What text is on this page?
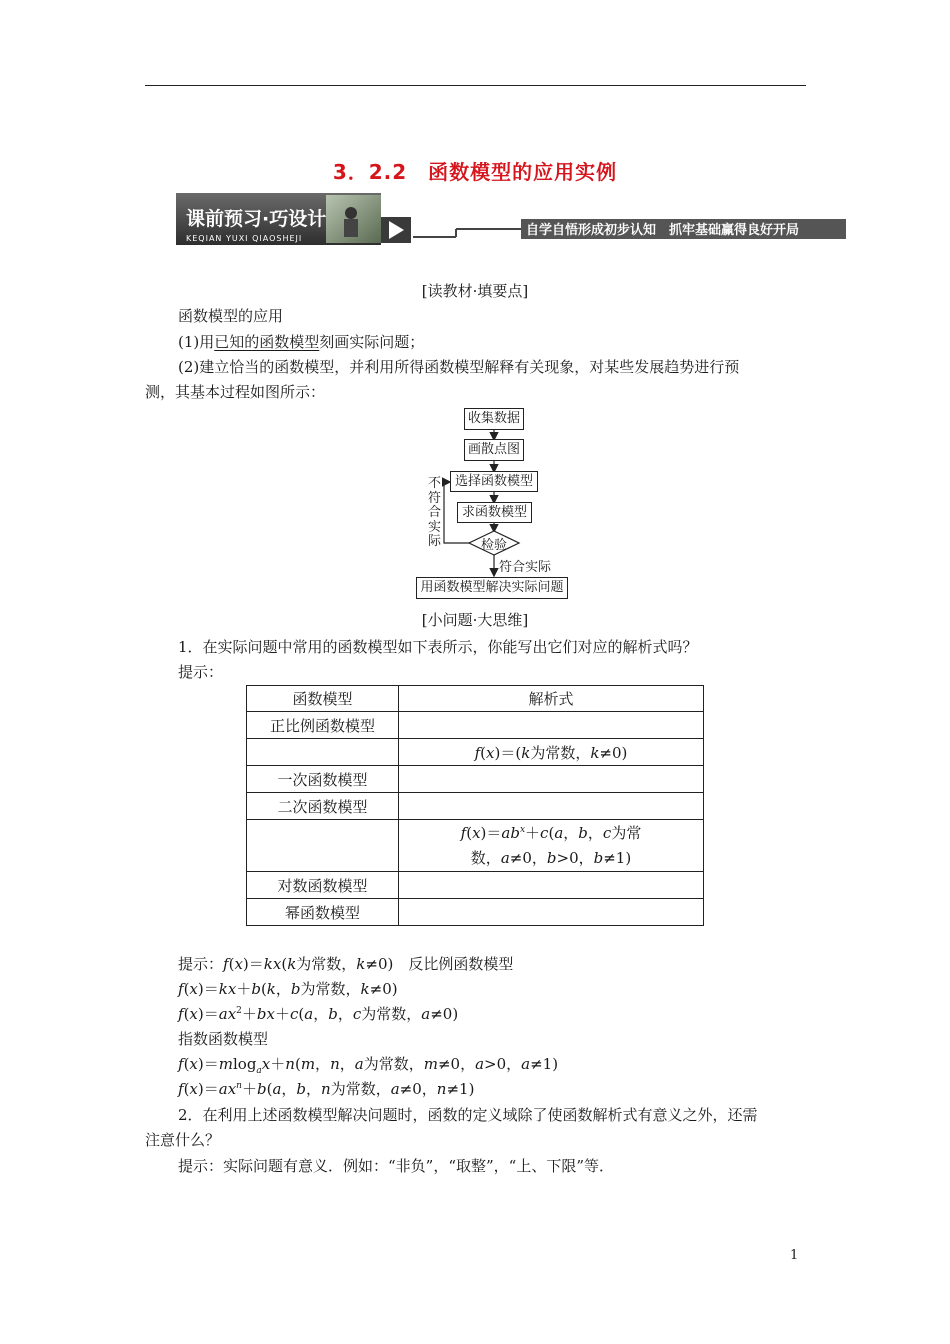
3．2.2　函数模型的应用实例
课前预习·巧设计
KEQIAN YUXI QIAOSHEJI
自学自悟形成初步认知　抓牢基础赢得良好开局
[读教材·填要点]
函数模型的应用
(1)用已知的函数模型刻画实际问题；
(2)建立恰当的函数模型，并利用所得函数模型解释有关现象，对某些发展趋势进行预
测，其基本过程如图所示：
收集数据
画散点图
选择函数模型
求函数模型
检验
符合实际
不符合实际
用函数模型解决实际问题
[小问题·大思维]
1．在实际问题中常用的函数模型如下表所示，你能写出它们对应的解析式吗？
提示：
函数模型	解析式
正比例函数模型	
	f(x)＝(k为常数，k≠0)
一次函数模型	
二次函数模型	
	$f(x)=ab^x+c(a$，b，c为常
数，a≠0，b>0，b≠1)
对数函数模型	
幂函数模型	
提示：f(x)＝kx(k为常数，k≠0)　反比例函数模型
f(x)＝kx＋b(k，b为常数，k≠0)
$f(x)=ax^2+bx+c(a$，b，c为常数，a≠0)
指数函数模型
f(x)＝mlog$_a$x＋n(m，n，a为常数，m≠0，a>0，a≠1)
$f(x)=ax^n+b(a$，b，n为常数，a≠0，n≠1)
2．在利用上述函数模型解决问题时，函数的定义域除了使函数解析式有意义之外，还需
注意什么？
提示：实际问题有意义．例如：“非负”，“取整”，“上、下限”等．
1
